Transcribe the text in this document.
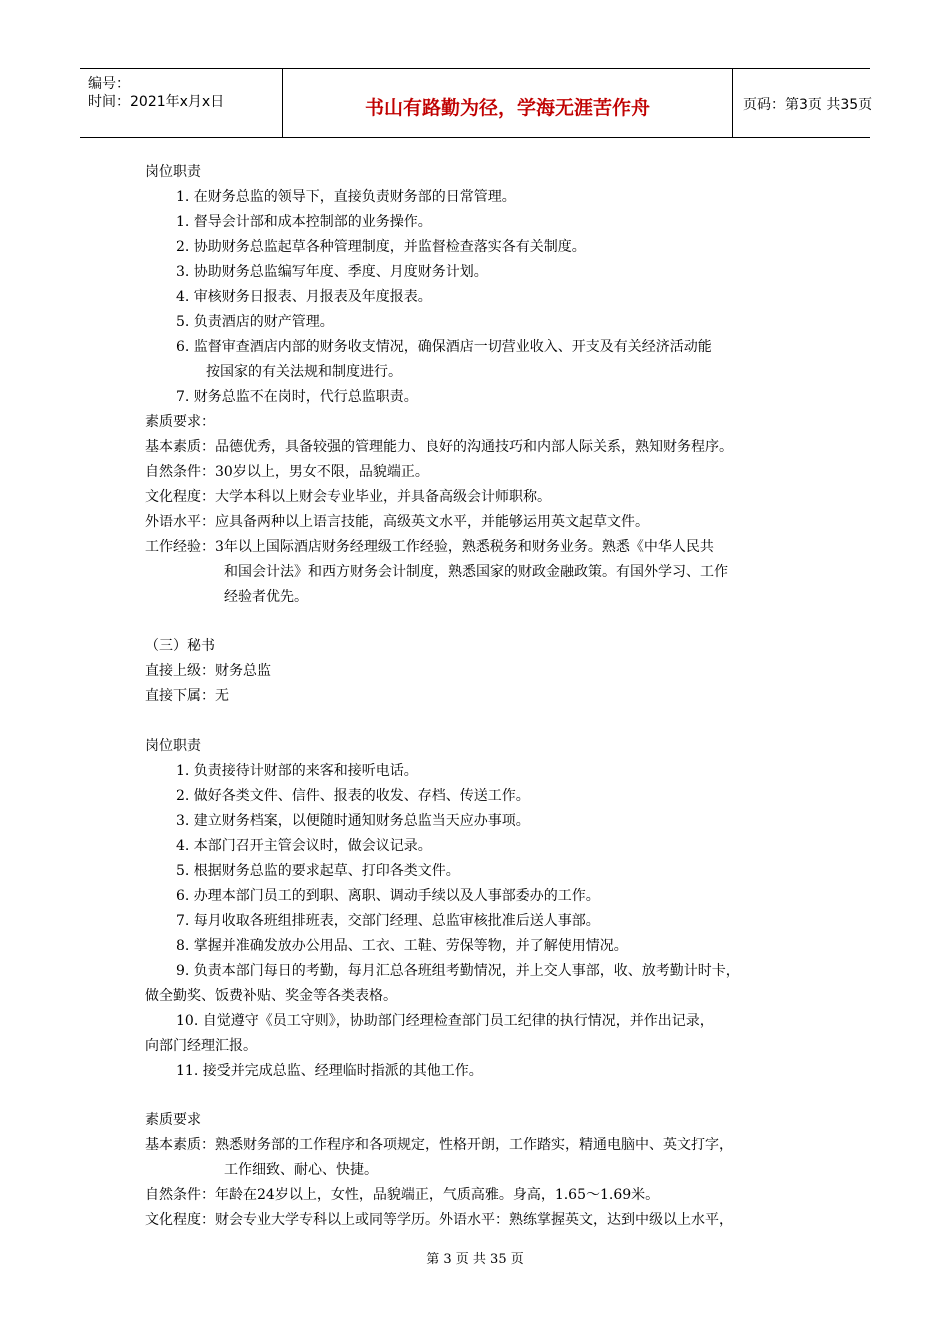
编号：
时间：2021年x月x日	书山有路勤为径，学海无涯苦作舟	页码：第3页 共35页
岗位职责
1. 在财务总监的领导下，直接负责财务部的日常管理。
1. 督导会计部和成本控制部的业务操作。
2. 协助财务总监起草各种管理制度，并监督检查落实各有关制度。
3. 协助财务总监编写年度、季度、月度财务计划。
4. 审核财务日报表、月报表及年度报表。
5. 负责酒店的财产管理。
6. 监督审查酒店内部的财务收支情况，确保酒店一切营业收入、开支及有关经济活动能
按国家的有关法规和制度进行。
7. 财务总监不在岗时，代行总监职责。
素质要求：
基本素质：品德优秀，具备较强的管理能力、良好的沟通技巧和内部人际关系，熟知财务程序。
自然条件：30岁以上，男女不限，品貌端正。
文化程度：大学本科以上财会专业毕业，并具备高级会计师职称。
外语水平：应具备两种以上语言技能，高级英文水平，并能够运用英文起草文件。
工作经验：3年以上国际酒店财务经理级工作经验，熟悉税务和财务业务。熟悉《中华人民共
和国会计法》和西方财务会计制度，熟悉国家的财政金融政策。有国外学习、工作
经验者优先。
（三）秘书
直接上级：财务总监
直接下属：无
岗位职责
1. 负责接待计财部的来客和接听电话。
2. 做好各类文件、信件、报表的收发、存档、传送工作。
3. 建立财务档案，以便随时通知财务总监当天应办事项。
4. 本部门召开主管会议时，做会议记录。
5. 根据财务总监的要求起草、打印各类文件。
6. 办理本部门员工的到职、离职、调动手续以及人事部委办的工作。
7. 每月收取各班组排班表，交部门经理、总监审核批准后送人事部。
8. 掌握并准确发放办公用品、工衣、工鞋、劳保等物，并了解使用情况。
9. 负责本部门每日的考勤，每月汇总各班组考勤情况，并上交人事部，收、放考勤计时卡，
做全勤奖、饭费补贴、奖金等各类表格。
10. 自觉遵守《员工守则》，协助部门经理检查部门员工纪律的执行情况，并作出记录，
向部门经理汇报。
11. 接受并完成总监、经理临时指派的其他工作。
素质要求
基本素质：熟悉财务部的工作程序和各项规定，性格开朗，工作踏实，精通电脑中、英文打字，
工作细致、耐心、快捷。
自然条件：年龄在24岁以上，女性，品貌端正，气质高雅。身高，1.65～1.69米。
文化程度：财会专业大学专科以上或同等学历。外语水平：熟练掌握英文，达到中级以上水平，
第 3 页 共 35 页
